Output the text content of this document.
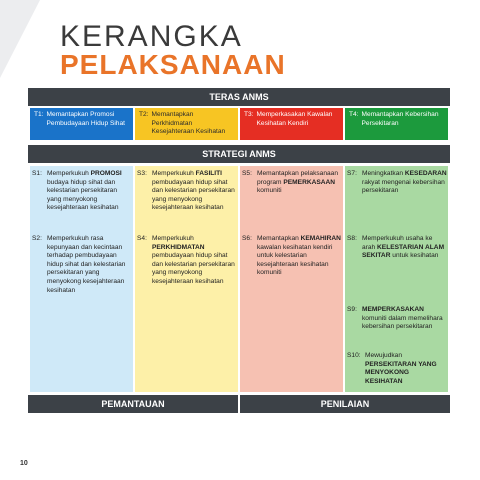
KERANGKA
PELAKSANAAN
TERAS ANMS
T1: Memantapkan Promosi Pembudayaan Hidup Sihat
T2: Memantapkan Perkhidmatan Kesejahteraan Kesihatan
T3: Memperkasakan Kawalan Kesihatan Kendiri
T4: Memantapkan Kebersihan Persekitaran
STRATEGI ANMS
S1: Memperkukuh PROMOSI budaya hidup sihat dan kelestarian persekitaran yang menyokong kesejahteraan kesihatan
S2: Memperkukuh rasa kepunyaan dan kecintaan terhadap pembudayaan hidup sihat dan kelestarian persekitaran yang menyokong kesejahteraan kesihatan
S3: Memperkukuh FASILITI pembudayaan hidup sihat dan kelestarian persekitaran yang menyokong kesejahteraan kesihatan
S4: Memperkukuh PERKHIDMATAN pembudayaan hidup sihat dan kelestarian persekitaran yang menyokong kesejahteraan kesihatan
S5: Memantapkan pelaksanaan program PEMERKASAAN komuniti
S6: Memantapkan KEMAHIRAN kawalan kesihatan kendiri untuk kelestarian kesejahteraan kesihatan komuniti
S7: Meningkatkan KESEDARAN rakyat mengenai kebersihan persekitaran
S8: Memperkukuh usaha ke arah KELESTARIAN ALAM SEKITAR untuk kesihatan
S9: MEMPERKASAKAN komuniti dalam memelihara kebersihan persekitaran
S10: Mewujudkan PERSEKITARAN YANG MENYOKONG KESIHATAN
PEMANTAUAN	PENILAIAN
10
